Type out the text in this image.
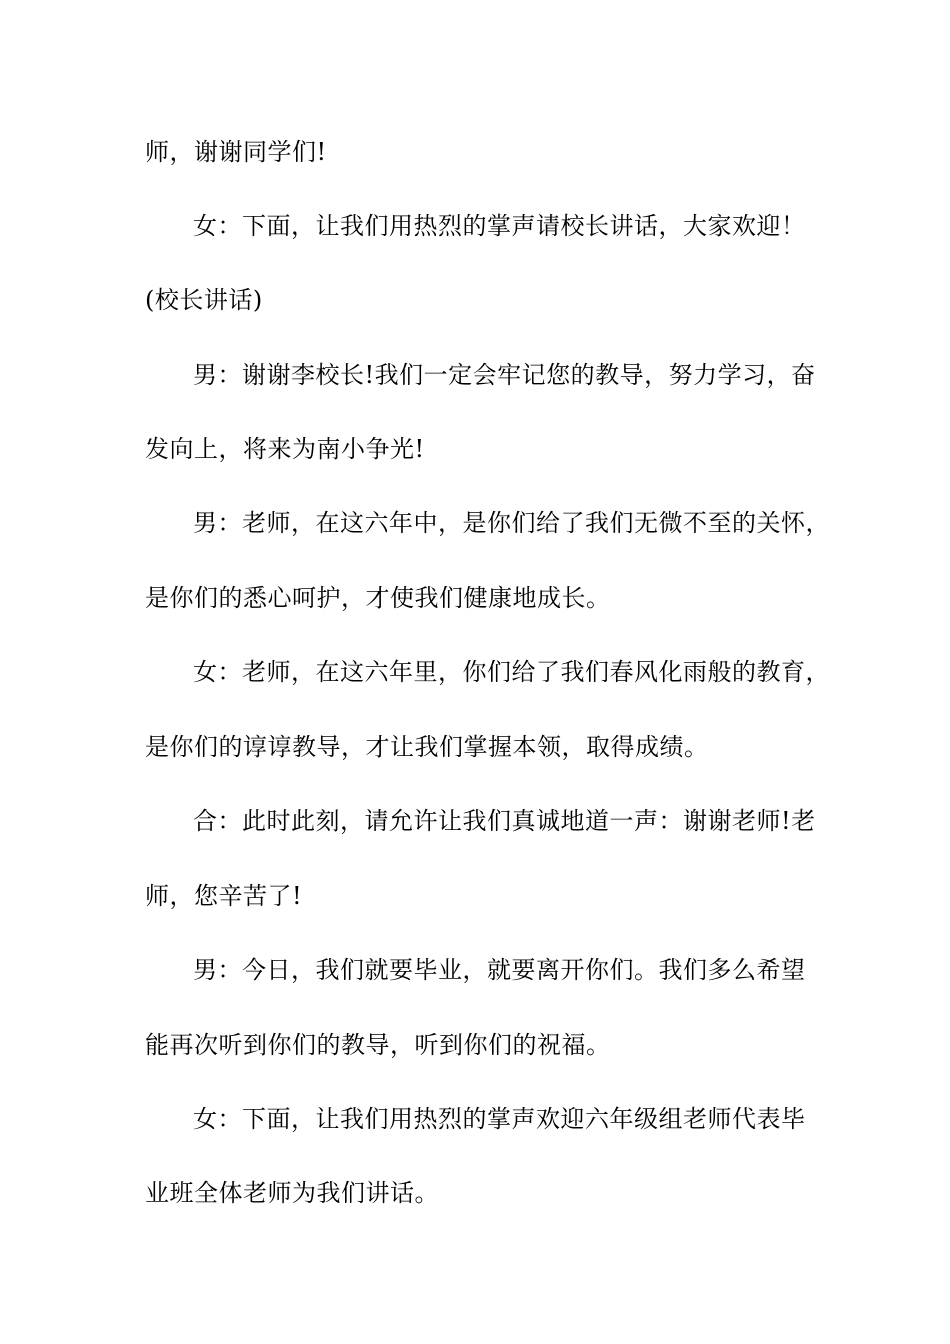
师，谢谢同学们!
女：下面，让我们用热烈的掌声请校长讲话，大家欢迎！
(校长讲话)
男：谢谢李校长!我们一定会牢记您的教导，努力学习，奋
发向上，将来为南小争光!
男：老师，在这六年中，是你们给了我们无微不至的关怀，
是你们的悉心呵护，才使我们健康地成长。
女：老师，在这六年里，你们给了我们春风化雨般的教育，
是你们的谆谆教导，才让我们掌握本领，取得成绩。
合：此时此刻，请允许让我们真诚地道一声：谢谢老师!老
师，您辛苦了!
男：今日，我们就要毕业，就要离开你们。我们多么希望
能再次听到你们的教导，听到你们的祝福。
女：下面，让我们用热烈的掌声欢迎六年级组老师代表毕
业班全体老师为我们讲话。
